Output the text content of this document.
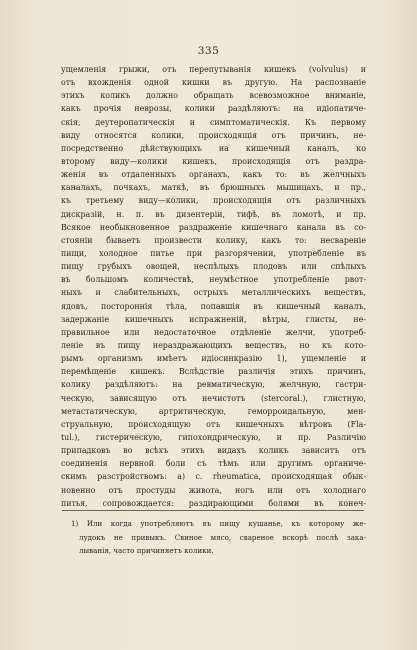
335
ущемленія грыжи, отъ перепутыванія кишекъ (volvulus) и
отъ вхожденія одной кишки въ другую. На распознаніе
этихъ коликъ должно обращать всевозможное вниманіе,
какъ прочія неврозы, колики раздѣляютъ: на идіопатиче-
скія, деутеропатическія и симптоматическія. Къ первому
виду относятся колики, происходящія отъ причинъ, не-
посредственно дѣйствующихъ на кишечный каналъ, ко
второму виду—колики кишекъ, происходящія отъ раздра-
женія въ отдаленныхъ органахъ, какъ то: въ желчныхъ
каналахъ, почкахъ, маткѣ, въ брюшныхъ мышицахъ, и пр.,
къ третьему виду—колики, происходящія отъ различныхъ
дискразій, н. п. въ дизентеріи, тифѣ, въ ломотѣ, и пр.
Всякое необыкновенное раздраженіе кишечнаго канала въ со-
стояніи бываетъ произвести колику, какъ то: несвареніе
пищи, холодное питье при разгорячении, употребленіе въ
пищу грубыхъ овощей, неспѣлыхъ плодовъ или спѣлыхъ
въ большомъ количествѣ, неумѣстное употребленіе рвот-
ныхъ и слабительныхъ, острыхъ металлическихъ веществъ,
ядовъ, постороннія тѣла, попавшія въ кишечный каналъ,
задержаніе кишечныхъ испражненій, вѣтры, глисты, не-
правильное или недостаточное отдѣленіе желчи, употреб-
леніе въ пищу нераздражающихъ веществъ, но къ кото-
рымъ организмъ имѣетъ идіосинкразію 1), ущемленіе и
перемѣщеніе кишекъ. Вслѣдствіе различія этихъ причинъ,
колику раздѣляютъ: на ревматическую, желчную, гастри-
ческую, зависящую отъ нечистотъ (stercoral.), глистную,
метастатическую, артритическую, геморроидальную, мен-
струальную, происходящую отъ кишечныхъ вѣтровъ (Fla-
tul.), гистерическую, гипохондрическую, и пр. Различію
припадковъ во всѣхъ этихъ видахъ коликъ зависитъ отъ
соединенія нервной боли съ тѣмъ или другимъ органиче-
скимъ разстройствомъ: а) с. rheumatica, происходящая обык-
новенно отъ простуды живота, ногъ или отъ холоднаго
питья, сопровождается: раздирающими болями въ конеч-
1) Или когда употребляютъ въ пищу кушанье, къ которому же-
лудокъ не привыкъ. Свиное мясо, свареное вскорѣ послѣ зака-
лыванія, часто причиняетъ колики.
